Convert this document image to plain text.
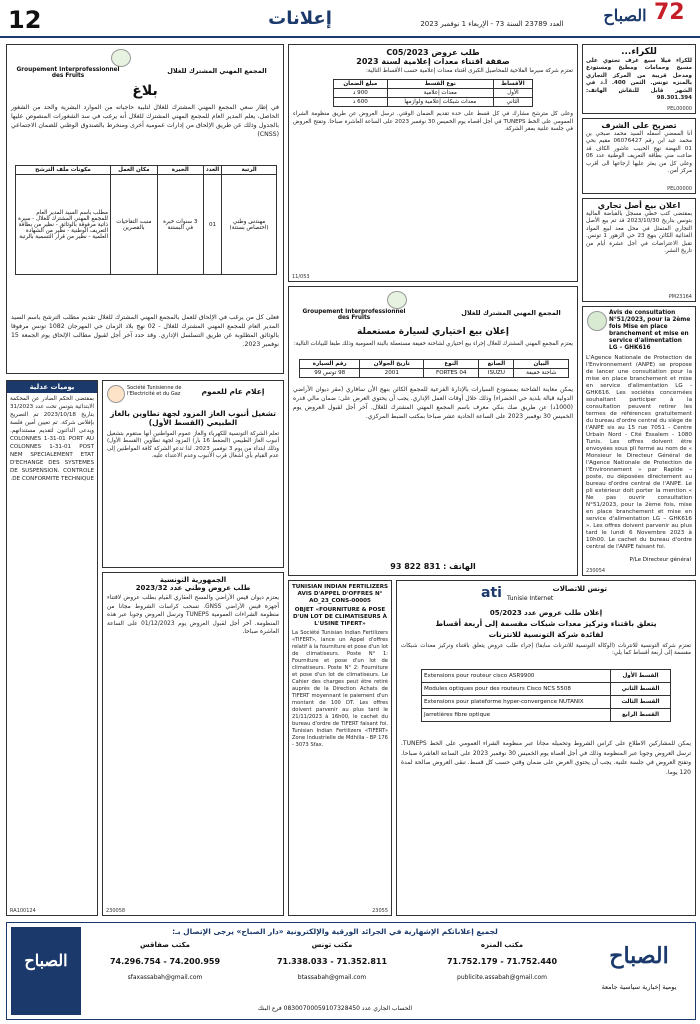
12	إعلانات	العدد 23789 السنة 73 - الإربعاء 1 نوفمبر 2023	72
الصباح
للكراء...
للكراء فيلا سبع غرف تحتوي على مسبح وحمامات ومطبخ ومستودع ومدخل قريبة من المركز التجاري بالمنزه تونس. الثمن 400. أ.د في الشهر قابل للنقاش الهاتف: 98.301.394
PEL00000
تصريح على الشرف
أنا الممضي أسفله السيد محمد صبحي بن محمد عيد ابن رقم 06076427 مقيم بحي 01 النهضة نهج الحبيب عاشور الكاف قد ضاعت مني بطاقة التعريف الوطنية عدد 06 وعلى كل من يعثر عليها ارجاعها الى أقرب مركز أمن.
PEL00000
اعلان بيع أصل تجاري
بمقتضى كتب خطي مسجل بالقباضة المالية بتونس بتاريخ 2023/10/30 قد تم بيع الأصل التجاري المتمثل في محل معد لبيع المواد الغذائية الكائن بنهج 23 حي الزهور 1 تونس. تقبل الاعتراضات في أجل عشرة أيام من تاريخ النشر.
PM23164
Avis de consultation N°51/2023, pour la 2ème fois Mise en place branchement et mise en service d'alimentation LG – GHK616
L'Agence Nationale de Protection de l'Environnement (ANPE) se propose de lancer une consultation pour la mise en place branchement et mise en service d'alimentation LG - GHK616. Les sociétés concernées souhaitant participer à la consultation peuvent retirer les termes de références gratuitement du bureau d'ordre central du siège de l'ANPE sis au 15 rue 7051 - Centre Urbain Nord - Cité Essalem - 1080 Tunis. Les offres doivent être envoyées sous pli fermé au nom de « Monsieur le Directeur Général de l'Agence Nationale de Protection de l'Environnement » par Rapide – poste, ou déposées directement au bureau d'ordre central de l'ANPE. Le pli extérieur doit porter la mention « Ne pas ouvrir consultation N°51/2023, pour la 2ème fois, mise en place branchement et mise en service d'alimentation LG – GHK616 ». Les offres doivent parvenir au plus tard le lundi 6 Novembre 2023 à 10h00. Le cachet du bureau d'ordre central de l'ANPE faisant foi.
P/Le Directeur général
230054
طلب عروض 2023/C05
صفقة اقتناء معدات إعلامية لسنة 2023
تعتزم شركة سيرما الفلاحية للمحاصيل الكبرى اقتناء معدات إعلامية حسب الأقساط التالية:
الأقساط	نوع القسط	مبلغ الضمان
الأول	معدات إعلامية	900 د
الثاني	معدات شبكات إعلامية ولوازمها	600 د
وعلى كل مترشح مشارك في كل قسط على حدة تقديم الضمان الوقتي. ترسل العروض عن طريق منظومة الشراء العمومي على الخط TUNEPS في أجل أقصاه يوم الخميس 30 نوفمبر 2023 على الساعة العاشرة صباحا. وتفتح العروض في جلسة علنية بمقر الشركة.
11/053
Groupement Interprofessionnel des Fruits
المجمع المهني المشترك للغلال
إعلان بيع اختياري لسيارة مستعملة
يعتزم المجمع المهني المشترك للغلال إجراء بيع اختياري لشاحنة خفيفة مستعملة بالبتة العمومية وذلك طبقا للبيانات التالية:
البيان	الصانع	النوع	تاريخ الجولان	رقم السيارة
شاحنة خفيفة	ISUZU	04 FORTES	2001	98 تونس 99
يمكن معاينة الشاحنة بمستودع السيارات بالإدارة الفرعية للمجمع الكائن بنهج الأن سافاري (مقر ديوان الأراضي الدولية قبالة بلدية حي الخضراء) وذلك خلال أوقات العمل الإداري. يجب أن يحتوي العرض على: ضمان مالي قدره (1000د) عن طريق صك بنكي معرف باسم المجمع المهني المشترك للغلال. آخر أجل لقبول العروض يوم الخميس 30 نوفمبر 2023 على الساعة الحادية عشر صباحا بمكتب الضبط المركزي.
الهاتف : 831 822 93
Groupement Interprofessionnel des Fruits
المجمع المهني المشترك للغلال
بلاغ
في إطار سعي المجمع المهني المشترك للغلال لتلبية حاجياته من الموارد البشرية والحد من الشغور الحاصل، يعلم المدير العام للمجمع المهني المشترك للغلال أنه يرغب في سد الشغورات المنصوص عليها بالجدول وذلك عن طريق الإلحاق من إدارات عمومية أخرى ومنخرط بالصندوق الوطني للضمان الاجتماعي (CNSS)
الرتبة	العدد	الخبرة	مكان العمل	مكونات ملف الترشح
مهندس وطني (اختصاص بستنة)	01	3 سنوات خبرة في البستنة	منبت التقاحيات بالقصرين	مطلب باسم السيد المدير العام للمجمع المهني المشترك للغلال - سيرة ذاتية مرفوقة بالوثائق - نظير من بطاقة التعريف الوطنية - نظير من الشهادة العلمية - نظير من قرار التسمية بالرتبة
فعلى كل من يرغب في الإلحاق للعمل بالمجمع المهني المشترك للغلال تقديم مطلب الترشح باسم السيد المدير العام للمجمع المهني المشترك للغلال - 02 نهج بلاد الزمان حي المهرجان 1082 تونس مرفوقا بالوثائق المطلوبة عن طريق التسلسل الإداري. وقد حدد آخر أجل لقبول مطالب الإلحاق يوم الجمعة 15 نوفمبر 2023.
يوميات عدلية
بمقتضى الحكم الصادر عن المحكمة الابتدائية بتونس تحت عدد 31/2023 بتاريخ 2023/10/18 تم التصريح بإفلاس شركة. تم تعيين أمين فلسة ويدعى الدائنون لتقديم مستنداتهم. COLONNES 1-31-01 PORT AU COLONNES 1-31-01 POST NEM SPECIALEMENT ETAT D'ECHANGE DES SYSTEMES DE SUSPENSION. CONTROLE DE CONFORMITE TECHNIQUE.
RA100124
Société Tunisienne de l'Electricité et du Gaz	إعلام عام للعموم
تشغيل أنبوب الغاز المزود لجهة تطاوين بالغاز الطبيعي (القسط الأول)
تعلم الشركة التونسية للكهرباء والغاز عموم المواطنين أنها ستقوم بتشغيل أنبوب الغاز الطبيعي (الضغط 16 بار) المزود لجهة تطاوين (القسط الأول) وذلك ابتداء من يوم 3 نوفمبر 2023. لذا تدعو الشركة كافة المواطنين إلى عدم القيام بأي أشغال قرب الأنبوب وعدم الاعتداء عليه.
الجمهورية التونسية
طلب عروض وطني عدد 2023/32
يعتزم ديوان قيس الأراضي والمسح العقاري القيام بطلب عروض لاقتناء أجهزة قيس الأراضي GNSS. تسحب كراسات الشروط مجانا من منظومة الشراءات العمومية TUNEPS وترسل العروض وجوبا عبر هذه المنظومة. آخر أجل لقبول العروض يوم 01/12/2023 على الساعة العاشرة صباحا.
230058
TUNISIAN INDIAN FERTILIZERS AVIS D'APPEL D'OFFRES N° AO_23_CONS-00005
OBJET «FOURNITURE & POSE D'UN LOT DE CLIMATISEURS À L'USINE TIFERT»
La Société Tunisian Indian Fertilizers «TIFERT», lance un Appel d'offres relatif à la fourniture et pose d'un lot de climatiseurs. Poste N° 1: Fourniture et pose d'un lot de climatiseurs. Poste N° 2: Fourniture et pose d'un lot de climatiseurs. Le Cahier des charges peut être retiré auprès de la Direction Achats de TIFERT moyennant le paiement d'un montant de 100 DT. Les offres doivent parvenir au plus tard le 21/11/2023 à 16h00, le cachet du bureau d'ordre de TIFERT faisant foi. Tunisian Indian Fertilizers «TIFERT» Zone Industrielle de Mdhilla - BP 176 - 3073 Sfax.
23055
ati	تونس للاتصالات
Tunisie Internet
إعلان طلب عروض عدد 05/2023
يتعلق باقتناء وتركيز معدات شبكات مقسمة إلى أربعة أقساط
لفائدة شركة التونسية للانترنات
تعتزم شركة التونسية للانترنات (الوكالة التونسية للانترنات سابقا) إجراء طلب عروض يتعلق باقتناء وتركيز معدات شبكات مقسمة إلى أربعة أقساط كما يلي:
Extensions pour routeur cisco ASR9900	القسط الأول
Modules optiques pour des routeurs Cisco NCS 5508	القسط الثاني
Extensions pour plateforme hyper-convergence NUTANIX	القسط الثالث
Jarretières fibre optique	القسط الرابع
يمكن للمشاركين الاطلاع على كراس الشروط وتحميله مجانا عبر منظومة الشراء العمومي على الخط TUNEPS. ترسل العروض وجوبا عبر المنظومة وذلك في أجل أقصاه يوم الخميس 30 نوفمبر 2023 على الساعة العاشرة صباحا. وتفتح العروض في جلسة علنية. يجب أن يحتوي العرض على ضمان وقتي حسب كل قسط. تبقى العروض صالحة لمدة 120 يوما.
الصباح
لجميع إعلاناتكم الإشهارية في الجرائد الورقية والإلكترونية «دار الصباح» يرجى الإتصال بـ:
مكتب صفاقس
74.296.754 - 74.200.959
sfaxassabah@gmail.com
مكتب تونس
71.338.033 - 71.352.811
btassabah@gmail.com
مكتب المنزه
71.752.179 - 71.752.440
publicite.assabah@gmail.com
الحساب الجاري عدد 08300700059107328450 فرع البنك
الصباح
يومية إخبارية سياسية جامعة
